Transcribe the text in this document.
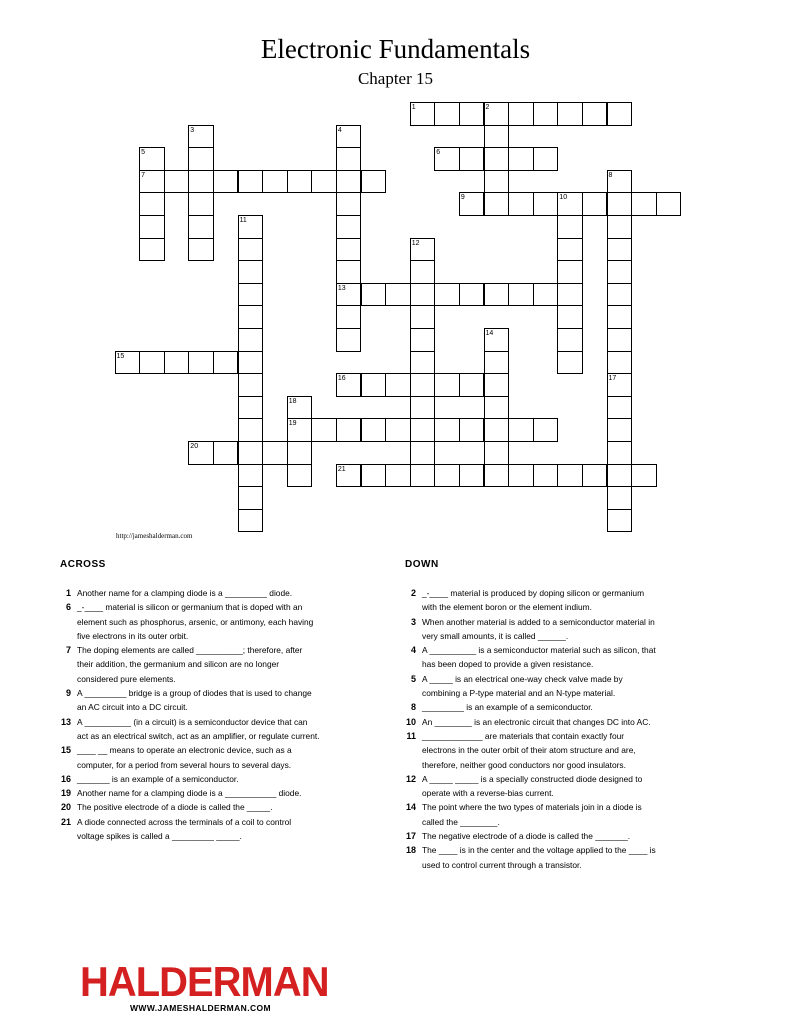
Electronic Fundamentals
Chapter 15
1	2
3	4
5	6
7	8
9	10
11
12
13
14
15
16	17
18
19
20
21
http://jameshalderman.com
ACROSS	DOWN
1 Another name for a clamping diode is a _________ diode.
6 _-____ material is silicon or germanium that is doped with an element such as phosphorus, arsenic, or antimony, each having five electrons in its outer orbit.
7 The doping elements are called __________; therefore, after their addition, the germanium and silicon are no longer considered pure elements.
9 A _________ bridge is a group of diodes that is used to change an AC circuit into a DC circuit.
13 A __________ (in a circuit) is a semiconductor device that can act as an electrical switch, act as an amplifier, or regulate current.
15 ____ __ means to operate an electronic device, such as a computer, for a period from several hours to several days.
16 _______ is an example of a semiconductor.
19 Another name for a clamping diode is a ___________ diode.
20 The positive electrode of a diode is called the _____.
21 A diode connected across the terminals of a coil to control voltage spikes is called a _________ _____.
2 _-____ material is produced by doping silicon or germanium with the element boron or the element indium.
3 When another material is added to a semiconductor material in very small amounts, it is called ______.
4 A __________ is a semiconductor material such as silicon, that has been doped to provide a given resistance.
5 A _____ is an electrical one-way check valve made by combining a P-type material and an N-type material.
8 _________ is an example of a semiconductor.
10 An ________ is an electronic circuit that changes DC into AC.
11 _____________ are materials that contain exactly four electrons in the outer orbit of their atom structure and are, therefore, neither good conductors nor good insulators.
12 A _____ _____ is a specially constructed diode designed to operate with a reverse-bias current.
14 The point where the two types of materials join in a diode is called the ________.
17 The negative electrode of a diode is called the _______.
18 The ____ is in the center and the voltage applied to the ____ is used to control current through a transistor.
HALDERMAN
WWW.JAMESHALDERMAN.COM
